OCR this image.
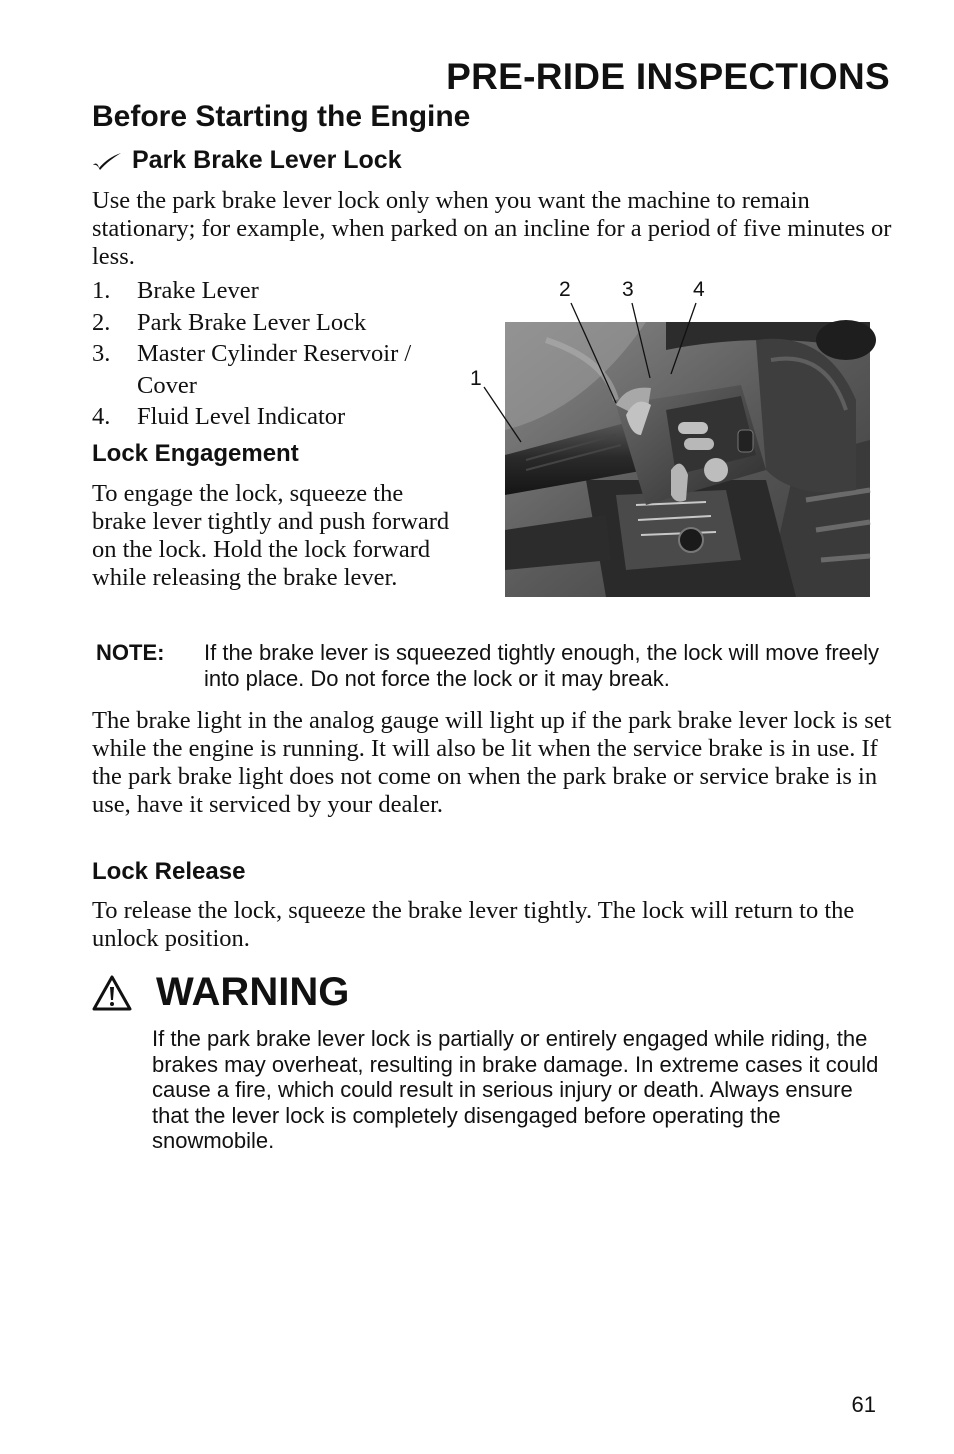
PRE-RIDE INSPECTIONS
Before Starting the Engine
Park Brake Lever Lock
Use the park brake lever lock only when you want the machine to remain stationary; for example, when parked on an incline for a period of five minutes or less.
1.	Brake Lever
2.	Park Brake Lever Lock
3.	Master Cylinder Reservoir / Cover
4.	Fluid Level Indicator
Lock Engagement
To engage the lock, squeeze the brake lever tightly and push forward on the lock. Hold the lock forward while releasing the brake lever.
1
2 3	4
NOTE:	If the brake lever is squeezed tightly enough, the lock will move freely into place. Do not force the lock or it may break.
The brake light in the analog gauge will light up if the park brake lever lock is set while the engine is running. It will also be lit when the service brake is in use. If the park brake light does not come on when the park brake or service brake is in use, have it serviced by your dealer.
Lock Release
To release the lock, squeeze the brake lever tightly. The lock will return to the unlock position.
WARNING
If the park brake lever lock is partially or entirely engaged while riding, the brakes may overheat, resulting in brake damage. In extreme cases it could cause a fire, which could result in serious injury or death. Always ensure that the lever lock is completely disengaged before operating the snowmobile.
61
